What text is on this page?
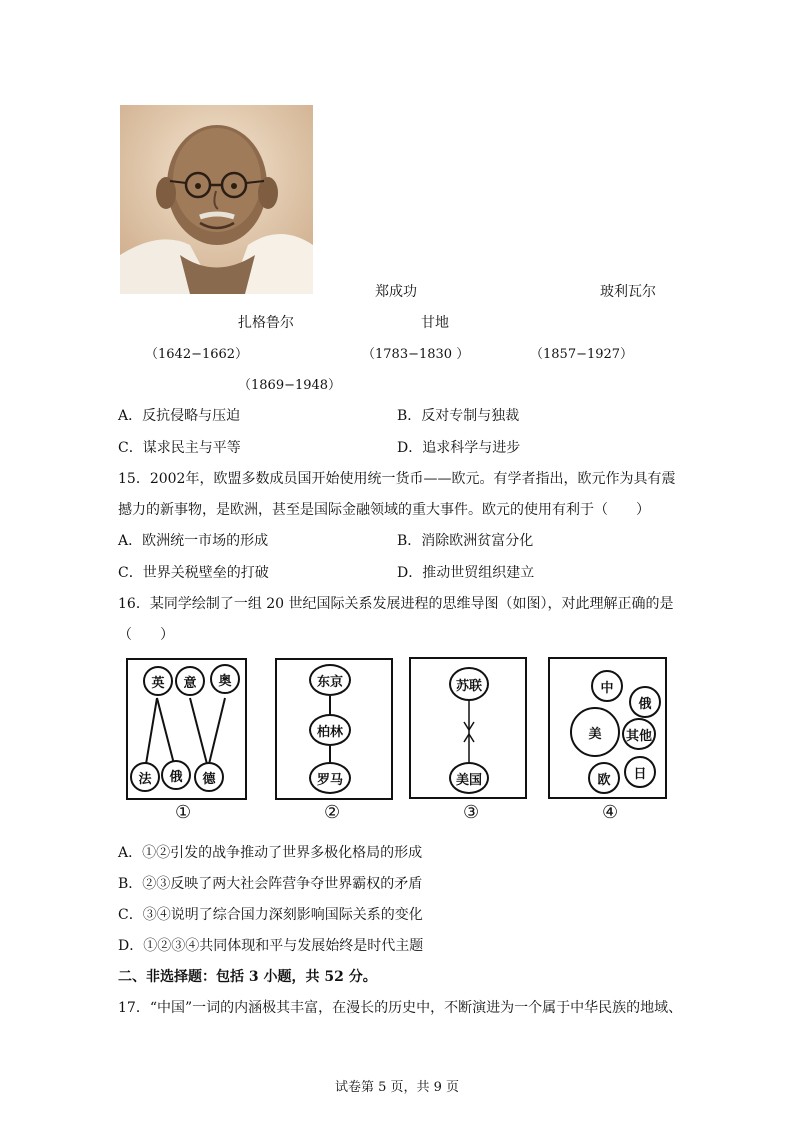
郑成功	玻利瓦尔
扎格鲁尔	甘地
（1642−1662）	（1783−1830 ）	（1857−1927）
（1869−1948）
A．反抗侵略与压迫	B．反对专制与独裁
C．谋求民主与平等	D．追求科学与进步
15．2002年，欧盟多数成员国开始使用统一货币——欧元。有学者指出，欧元作为具有震
撼力的新事物，是欧洲，甚至是国际金融领域的重大事件。欧元的使用有利于（　　）
A．欧洲统一市场的形成	B．消除欧洲贫富分化
C．世界关税壁垒的打破	D．推动世贸组织建立
16．某同学绘制了一组 20 世纪国际关系发展进程的思维导图（如图），对此理解正确的是
（　　）
英	意	奥
法	俄	德
①
东京
柏林
罗马
②
苏联
美国
③
中
俄
美	其他
欧	日
④
A．①②引发的战争推动了世界多极化格局的形成
B．②③反映了两大社会阵营争夺世界霸权的矛盾
C．③④说明了综合国力深刻影响国际关系的变化
D．①②③④共同体现和平与发展始终是时代主题
二、非选择题：包括 3 小题，共 52 分。
17．“中国”一词的内涵极其丰富，在漫长的历史中，不断演进为一个属于中华民族的地域、
试卷第 5 页，共 9 页
